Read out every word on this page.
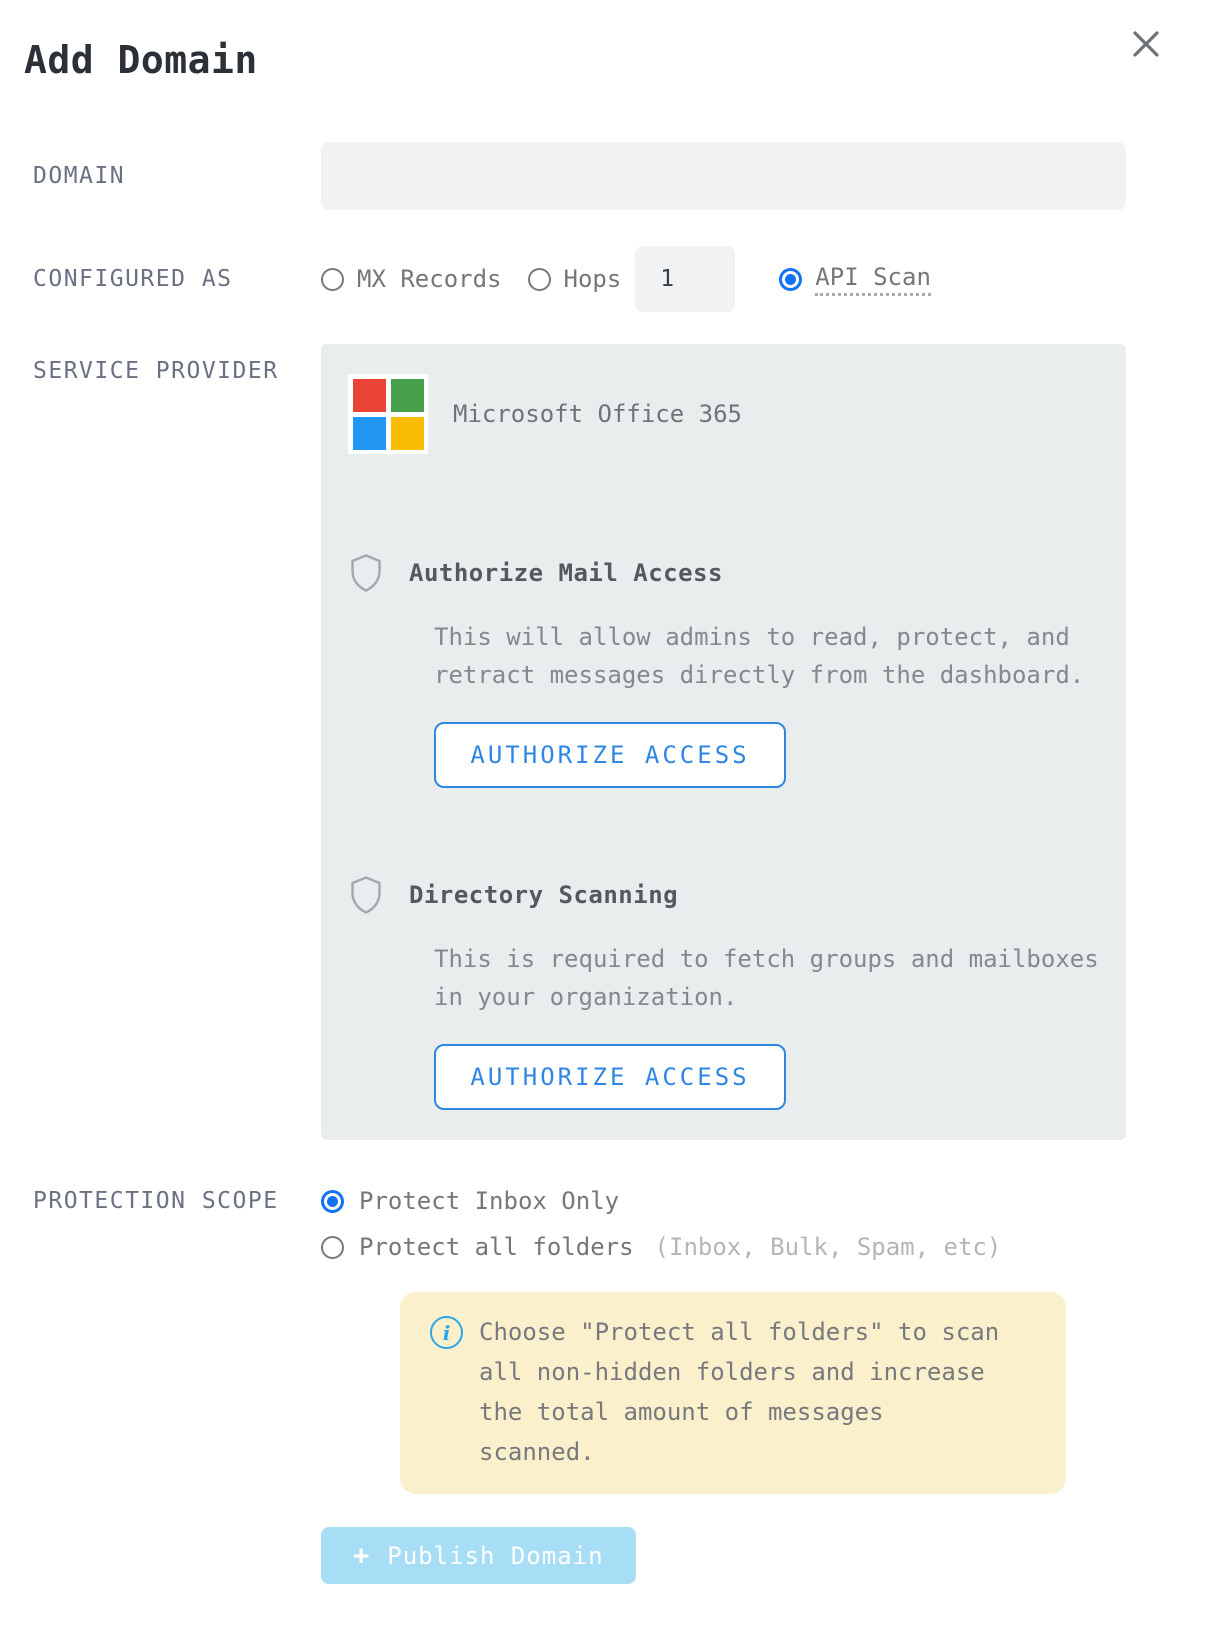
Add Domain
DOMAIN
CONFIGURED AS	MX Records	Hops	1	API Scan
SERVICE PROVIDER
Microsoft Office 365
Authorize Mail Access

This will allow admins to read, protect, and retract messages directly from the dashboard.

AUTHORIZE ACCESS
Directory Scanning

This is required to fetch groups and mailboxes in your organization.

AUTHORIZE ACCESS
PROTECTION SCOPE	Protect Inbox Only
Protect all folders (Inbox, Bulk, Spam, etc)
i	Choose "Protect all folders" to scan all non-hidden folders and increase the total amount of messages scanned.

+ Publish Domain
